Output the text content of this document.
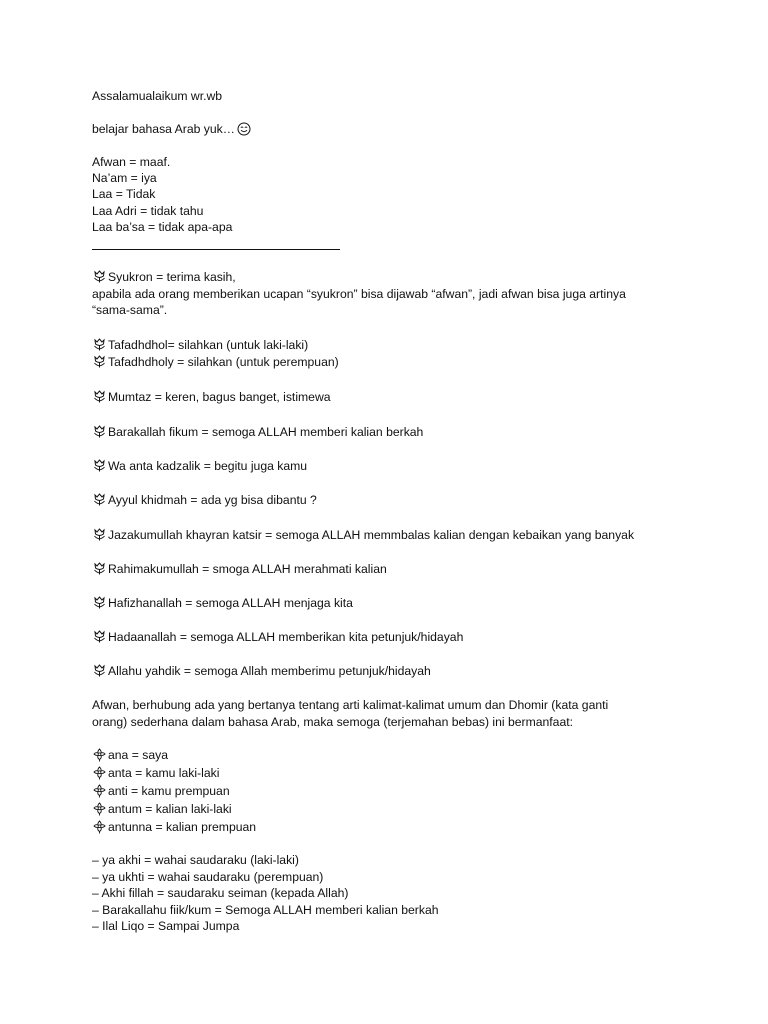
Assalamualaikum wr.wb
belajar bahasa Arab yuk…
Afwan = maaf.
Na’am = iya
Laa = Tidak
Laa Adri = tidak tahu
Laa ba’sa = tidak apa-apa
Syukron = terima kasih,
apabila ada orang memberikan ucapan “syukron” bisa dijawab “afwan”, jadi afwan bisa juga artinya
“sama-sama”.
Tafadhdhol= silahkan (untuk laki-laki)
Tafadhdholy = silahkan (untuk perempuan)
Mumtaz = keren, bagus banget, istimewa
Barakallah fikum = semoga ALLAH memberi kalian berkah
Wa anta kadzalik = begitu juga kamu
Ayyul khidmah = ada yg bisa dibantu ?
Jazakumullah khayran katsir = semoga ALLAH memmbalas kalian dengan kebaikan yang banyak
Rahimakumullah = smoga ALLAH merahmati kalian
Hafizhanallah = semoga ALLAH menjaga kita
Hadaanallah = semoga ALLAH memberikan kita petunjuk/hidayah
Allahu yahdik = semoga Allah memberimu petunjuk/hidayah
Afwan, berhubung ada yang bertanya tentang arti kalimat-kalimat umum dan Dhomir (kata ganti
orang) sederhana dalam bahasa Arab, maka semoga (terjemahan bebas) ini bermanfaat:
ana = saya
anta = kamu laki-laki
anti = kamu prempuan
antum = kalian laki-laki
antunna = kalian prempuan
– ya akhi = wahai saudaraku (laki-laki)
– ya ukhti = wahai saudaraku (perempuan)
– Akhi fillah = saudaraku seiman (kepada Allah)
– Barakallahu fiik/kum = Semoga ALLAH memberi kalian berkah
– Ilal Liqo = Sampai Jumpa
